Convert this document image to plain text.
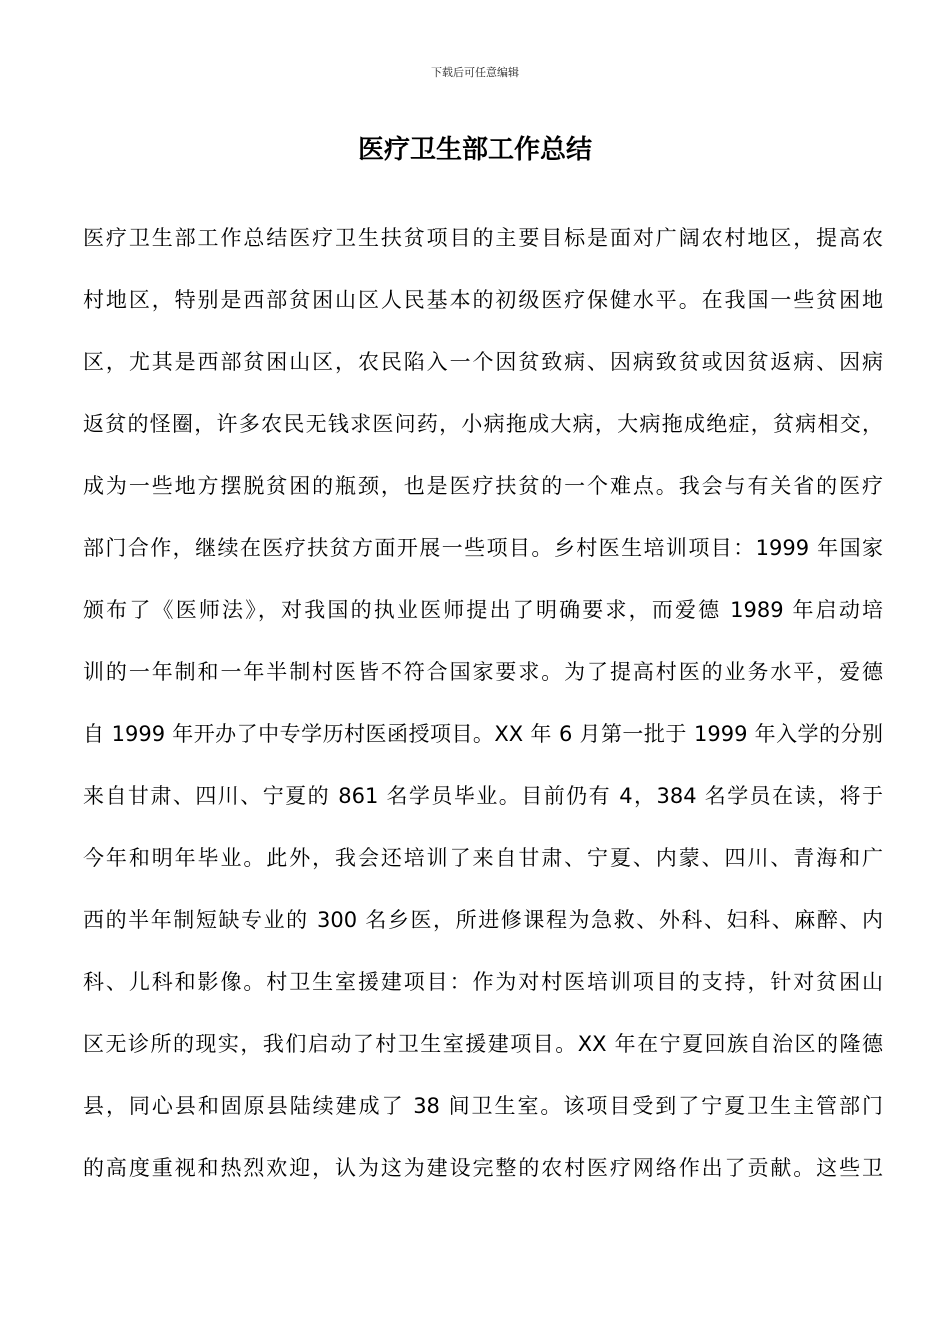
下载后可任意编辑
医疗卫生部工作总结
医疗卫生部工作总结医疗卫生扶贫项目的主要目标是面对广阔农村地区，提高农
村地区，特别是西部贫困山区人民基本的初级医疗保健水平。在我国一些贫困地
区，尤其是西部贫困山区，农民陷入一个因贫致病、因病致贫或因贫返病、因病
返贫的怪圈，许多农民无钱求医问药，小病拖成大病，大病拖成绝症，贫病相交，
成为一些地方摆脱贫困的瓶颈，也是医疗扶贫的一个难点。我会与有关省的医疗
部门合作，继续在医疗扶贫方面开展一些项目。乡村医生培训项目：1999 年国家
颁布了《医师法》，对我国的执业医师提出了明确要求，而爱德 1989 年启动培
训的一年制和一年半制村医皆不符合国家要求。为了提高村医的业务水平，爱德
自 1999 年开办了中专学历村医函授项目。XX 年 6 月第一批于 1999 年入学的分别
来自甘肃、四川、宁夏的 861 名学员毕业。目前仍有 4，384 名学员在读，将于
今年和明年毕业。此外，我会还培训了来自甘肃、宁夏、内蒙、四川、青海和广
西的半年制短缺专业的 300 名乡医，所进修课程为急救、外科、妇科、麻醉、内
科、儿科和影像。村卫生室援建项目：作为对村医培训项目的支持，针对贫困山
区无诊所的现实，我们启动了村卫生室援建项目。XX 年在宁夏回族自治区的隆德
县，同心县和固原县陆续建成了 38 间卫生室。该项目受到了宁夏卫生主管部门
的高度重视和热烈欢迎，认为这为建设完整的农村医疗网络作出了贡献。这些卫
